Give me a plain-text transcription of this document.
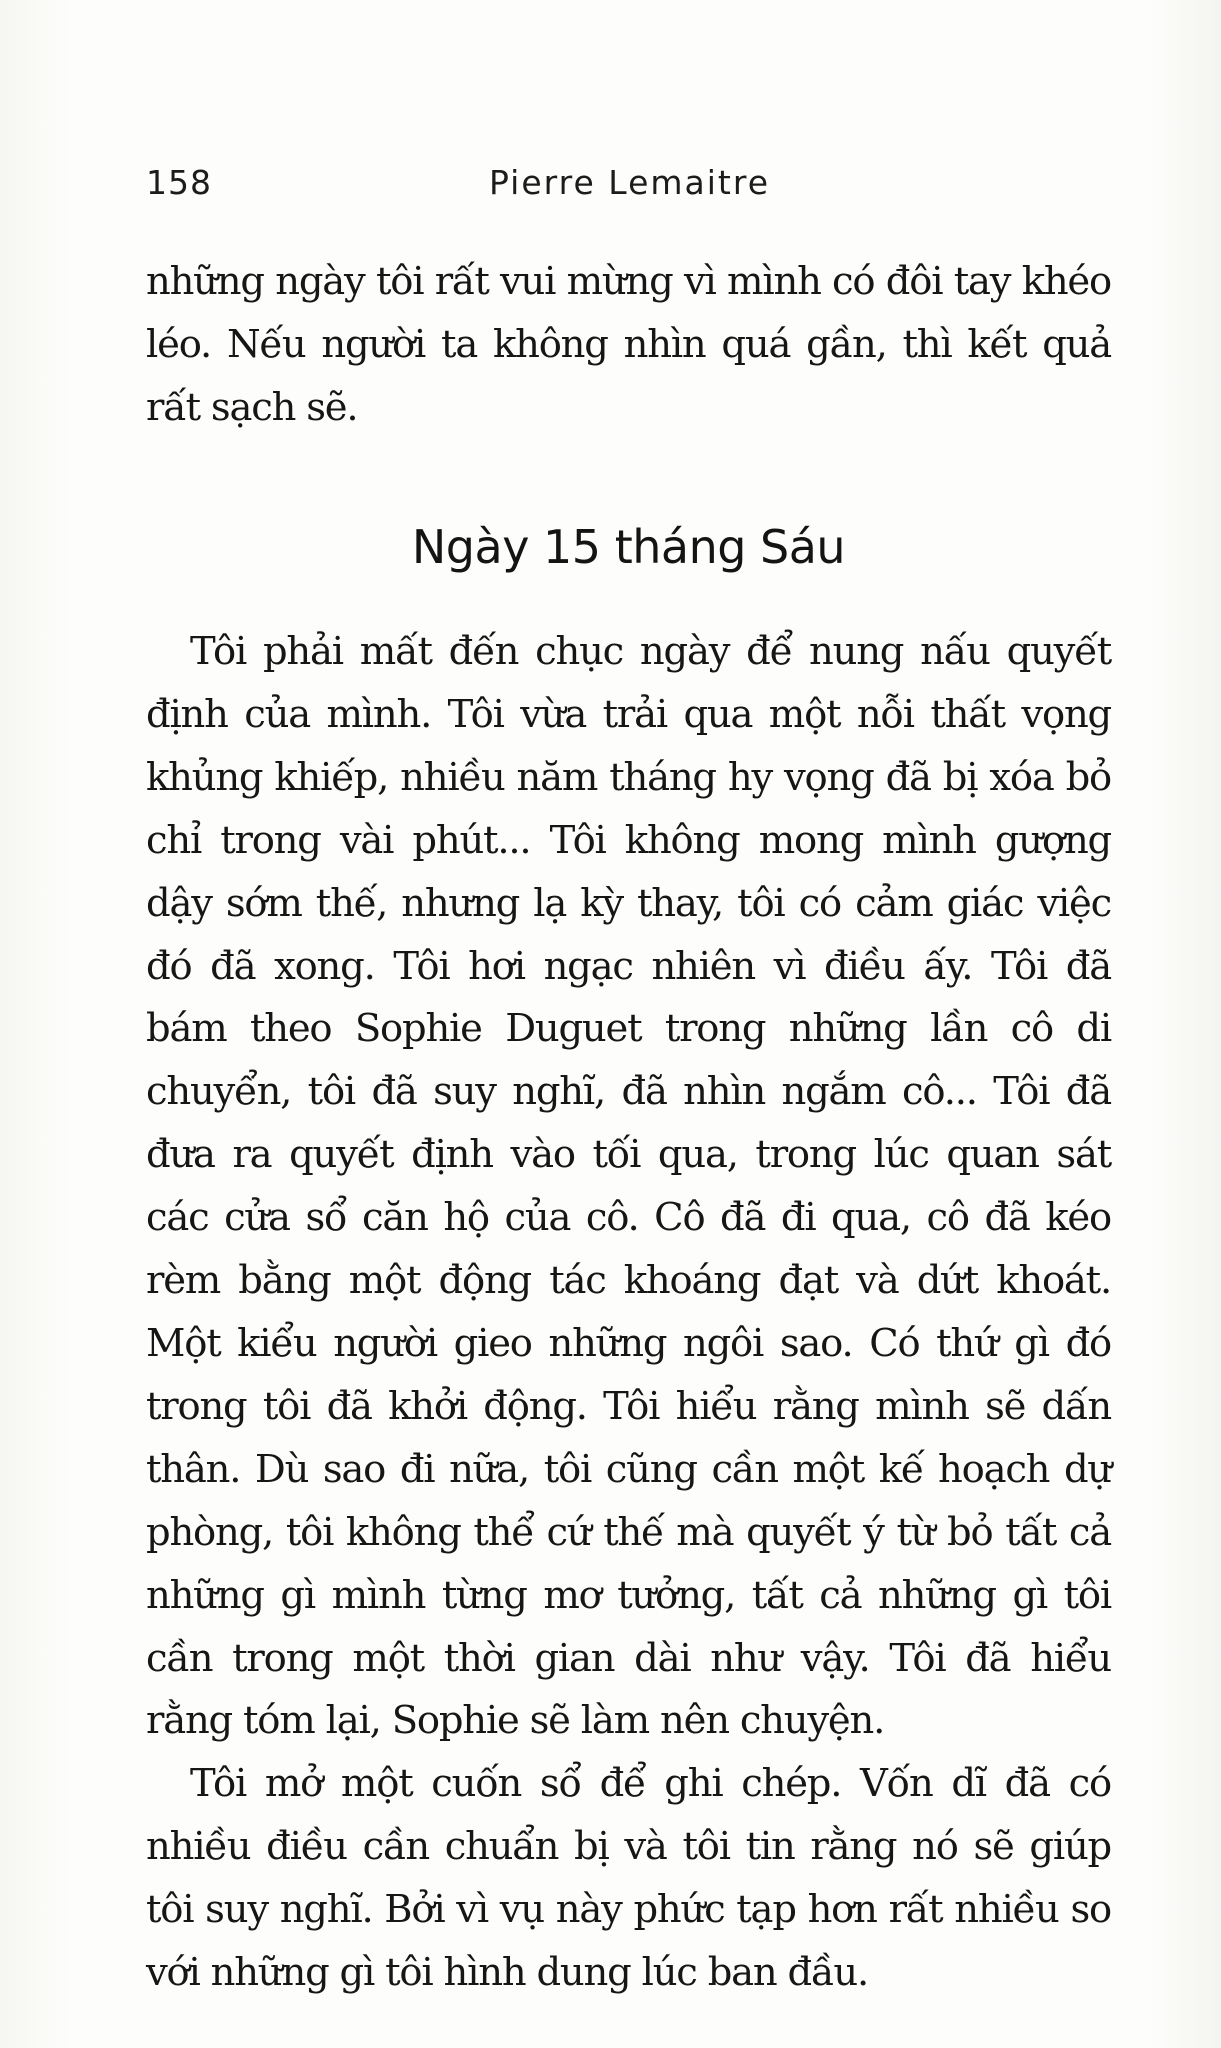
158	Pierre Lemaitre

những ngày tôi rất vui mừng vì mình có đôi tay khéo léo. Nếu người ta không nhìn quá gần, thì kết quả rất sạch sẽ.

Ngày 15 tháng Sáu

Tôi phải mất đến chục ngày để nung nấu quyết định của mình. Tôi vừa trải qua một nỗi thất vọng khủng khiếp, nhiều năm tháng hy vọng đã bị xóa bỏ chỉ trong vài phút... Tôi không mong mình gượng dậy sớm thế, nhưng lạ kỳ thay, tôi có cảm giác việc đó đã xong. Tôi hơi ngạc nhiên vì điều ấy. Tôi đã bám theo Sophie Duguet trong những lần cô di chuyển, tôi đã suy nghĩ, đã nhìn ngắm cô... Tôi đã đưa ra quyết định vào tối qua, trong lúc quan sát các cửa sổ căn hộ của cô. Cô đã đi qua, cô đã kéo rèm bằng một động tác khoáng đạt và dứt khoát. Một kiểu người gieo những ngôi sao. Có thứ gì đó trong tôi đã khởi động. Tôi hiểu rằng mình sẽ dấn thân. Dù sao đi nữa, tôi cũng cần một kế hoạch dự phòng, tôi không thể cứ thế mà quyết ý từ bỏ tất cả những gì mình từng mơ tưởng, tất cả những gì tôi cần trong một thời gian dài như vậy. Tôi đã hiểu rằng tóm lại, Sophie sẽ làm nên chuyện.

Tôi mở một cuốn sổ để ghi chép. Vốn dĩ đã có nhiều điều cần chuẩn bị và tôi tin rằng nó sẽ giúp tôi suy nghĩ. Bởi vì vụ này phức tạp hơn rất nhiều so với những gì tôi hình dung lúc ban đầu.
